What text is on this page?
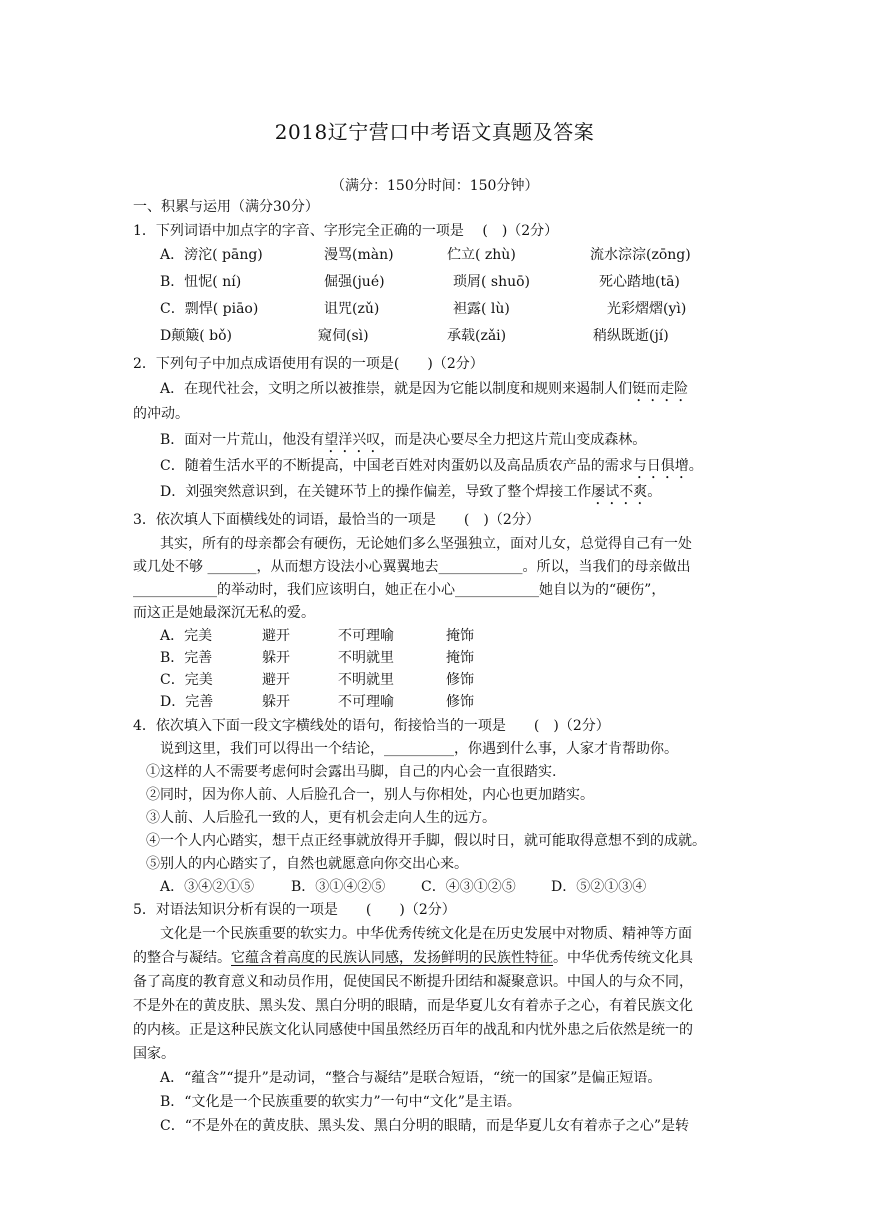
2018辽宁营口中考语文真题及答案
（满分：150分时间：150分钟）
一、积累与运用（满分30分）
1．下列词语中加点字的字音、字形完全正确的一项是　 (　)（2分）
A．滂沱( pāng)	漫骂(màn)	伫立( zhù)	流水淙淙(zōng)
B．忸怩( ní)	倔强(jué)	琐屑( shuō)	死心踏地(tā)
C．剽悍( piāo)	诅咒(zǔ)	袒露( lù)	光彩熠熠(yì)
D颠簸( bǒ)	窥伺(sì)	承载(zǎi)	稍纵既逝(jí)
2．下列句子中加点成语使用有误的一项是(　　)（2分）
A．在现代社会，文明之所以被推崇，就是因为它能以制度和规则来遏制人们铤而走险
的冲动。
B．面对一片荒山，他没有望洋兴叹，而是决心要尽全力把这片荒山变成森林。
C．随着生活水平的不断提高，中国老百姓对肉蛋奶以及高品质农产品的需求与日俱增。
D．刘强突然意识到，在关键环节上的操作偏差，导致了整个焊接工作屡试不爽。
3．依次填人下面横线处的词语，最恰当的一项是　　(　)（2分）
其实，所有的母亲都会有硬伤，无论她们多么坚强独立，面对儿女，总觉得自己有一处
或几处不够 _______，从而想方设法小心翼翼地去____________。所以，当我们的母亲做出
____________的举动时，我们应该明白，她正在小心____________她自以为的“硬伤”，
而这正是她最深沉无私的爱。
A．完美	避开	不可理喻	掩饰
B．完善	躲开	不明就里	掩饰
C．完美	避开	不明就里	修饰
D．完善	躲开	不可理喻	修饰
4．依次填入下面一段文字横线处的语句，衔接恰当的一项是　　(　)（2分）
说到这里，我们可以得出一个结论，__________，你遇到什么事，人家才肯帮助你。
①这样的人不需要考虑何时会露出马脚，自己的内心会一直很踏实.
②同时，因为你人前、人后脸孔合一，别人与你相处，内心也更加踏实。
③人前、人后脸孔一致的人，更有机会走向人生的远方。
④一个人内心踏实，想干点正经事就放得开手脚，假以时日，就可能取得意想不到的成就。
⑤别人的内心踏实了，自然也就愿意向你交出心来。
A．③④②①⑤	B．③①④②⑤	C．④③①②⑤	D．⑤②①③④
5．对语法知识分析有误的一项是　　(　　)（2分）
文化是一个民族重要的软实力。中华优秀传统文化是在历史发展中对物质、精神等方面
的整合与凝结。它蕴含着高度的民族认同感，发扬鲜明的民族性特征。中华优秀传统文化具
备了高度的教育意义和动员作用，促使国民不断提升团结和凝聚意识。中国人的与众不同，
不是外在的黄皮肤、黑头发、黑白分明的眼睛，而是华夏儿女有着赤子之心，有着民族文化
的内核。正是这种民族文化认同感使中国虽然经历百年的战乱和内忧外患之后依然是统一的
国家。
A．“蕴含”“提升”是动词，“整合与凝结”是联合短语，“统一的国家”是偏正短语。
B．“文化是一个民族重要的软实力”一句中“文化”是主语。
C．“不是外在的黄皮肤、黑头发、黑白分明的眼睛，而是华夏儿女有着赤子之心”是转
